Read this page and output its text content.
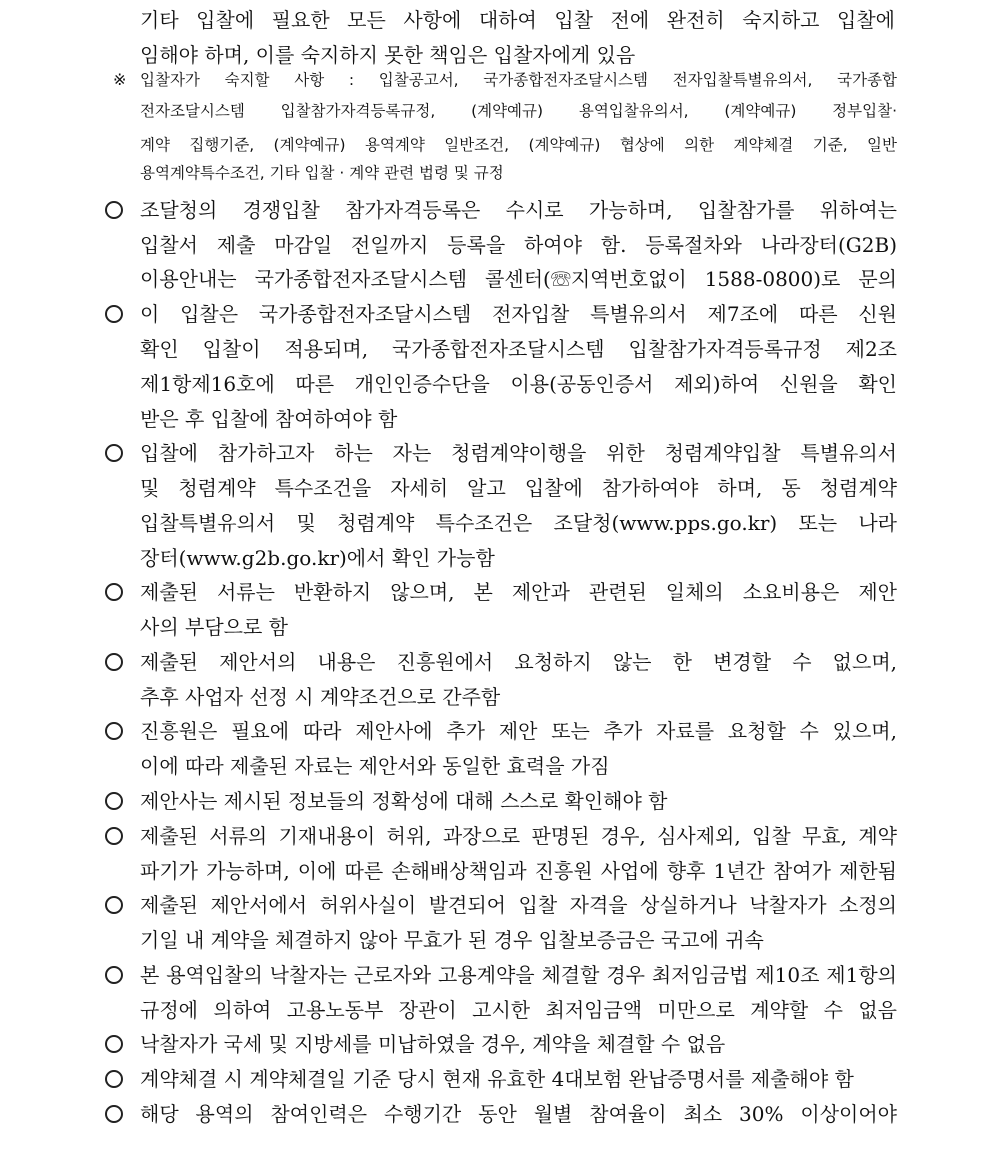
기타 입찰에 필요한 모든 사항에 대하여 입찰 전에 완전히 숙지하고 입찰에
임해야 하며, 이를 숙지하지 못한 책임은 입찰자에게 있음
※ 입찰자가 숙지할 사항 : 입찰공고서, 국가종합전자조달시스템 전자입찰특별유의서, 국가종합
전자조달시스템 입찰참가자격등록규정, (계약예규) 용역입찰유의서, (계약예규) 정부입찰·
계약 집행기준, (계약예규) 용역계약 일반조건, (계약예규) 협상에 의한 계약체결 기준, 일반
용역계약특수조건, 기타 입찰 · 계약 관련 법령 및 규정
조달청의 경쟁입찰 참가자격등록은 수시로 가능하며, 입찰참가를 위하여는
입찰서 제출 마감일 전일까지 등록을 하여야 함. 등록절차와 나라장터(G2B)
이용안내는 국가종합전자조달시스템 콜센터(☏지역번호없이 1588-0800)로 문의
이 입찰은 국가종합전자조달시스템 전자입찰 특별유의서 제7조에 따른 신원
확인 입찰이 적용되며, 국가종합전자조달시스템 입찰참가자격등록규정 제2조
제1항제16호에 따른 개인인증수단을 이용(공동인증서 제외)하여 신원을 확인
받은 후 입찰에 참여하여야 함
입찰에 참가하고자 하는 자는 청렴계약이행을 위한 청렴계약입찰 특별유의서
및 청렴계약 특수조건을 자세히 알고 입찰에 참가하여야 하며, 동 청렴계약
입찰특별유의서 및 청렴계약 특수조건은 조달청(www.pps.go.kr) 또는 나라
장터(www.g2b.go.kr)에서 확인 가능함
제출된 서류는 반환하지 않으며, 본 제안과 관련된 일체의 소요비용은 제안
사의 부담으로 함
제출된 제안서의 내용은 진흥원에서 요청하지 않는 한 변경할 수 없으며,
추후 사업자 선정 시 계약조건으로 간주함
진흥원은 필요에 따라 제안사에 추가 제안 또는 추가 자료를 요청할 수 있으며,
이에 따라 제출된 자료는 제안서와 동일한 효력을 가짐
제안사는 제시된 정보들의 정확성에 대해 스스로 확인해야 함
제출된 서류의 기재내용이 허위, 과장으로 판명된 경우, 심사제외, 입찰 무효, 계약
파기가 가능하며, 이에 따른 손해배상책임과 진흥원 사업에 향후 1년간 참여가 제한됨
제출된 제안서에서 허위사실이 발견되어 입찰 자격을 상실하거나 낙찰자가 소정의
기일 내 계약을 체결하지 않아 무효가 된 경우 입찰보증금은 국고에 귀속
본 용역입찰의 낙찰자는 근로자와 고용계약을 체결할 경우 최저임금법 제10조 제1항의
규정에 의하여 고용노동부 장관이 고시한 최저임금액 미만으로 계약할 수 없음
낙찰자가 국세 및 지방세를 미납하였을 경우, 계약을 체결할 수 없음
계약체결 시 계약체결일 기준 당시 현재 유효한 4대보험 완납증명서를 제출해야 함
해당 용역의 참여인력은 수행기간 동안 월별 참여율이 최소 30% 이상이어야
